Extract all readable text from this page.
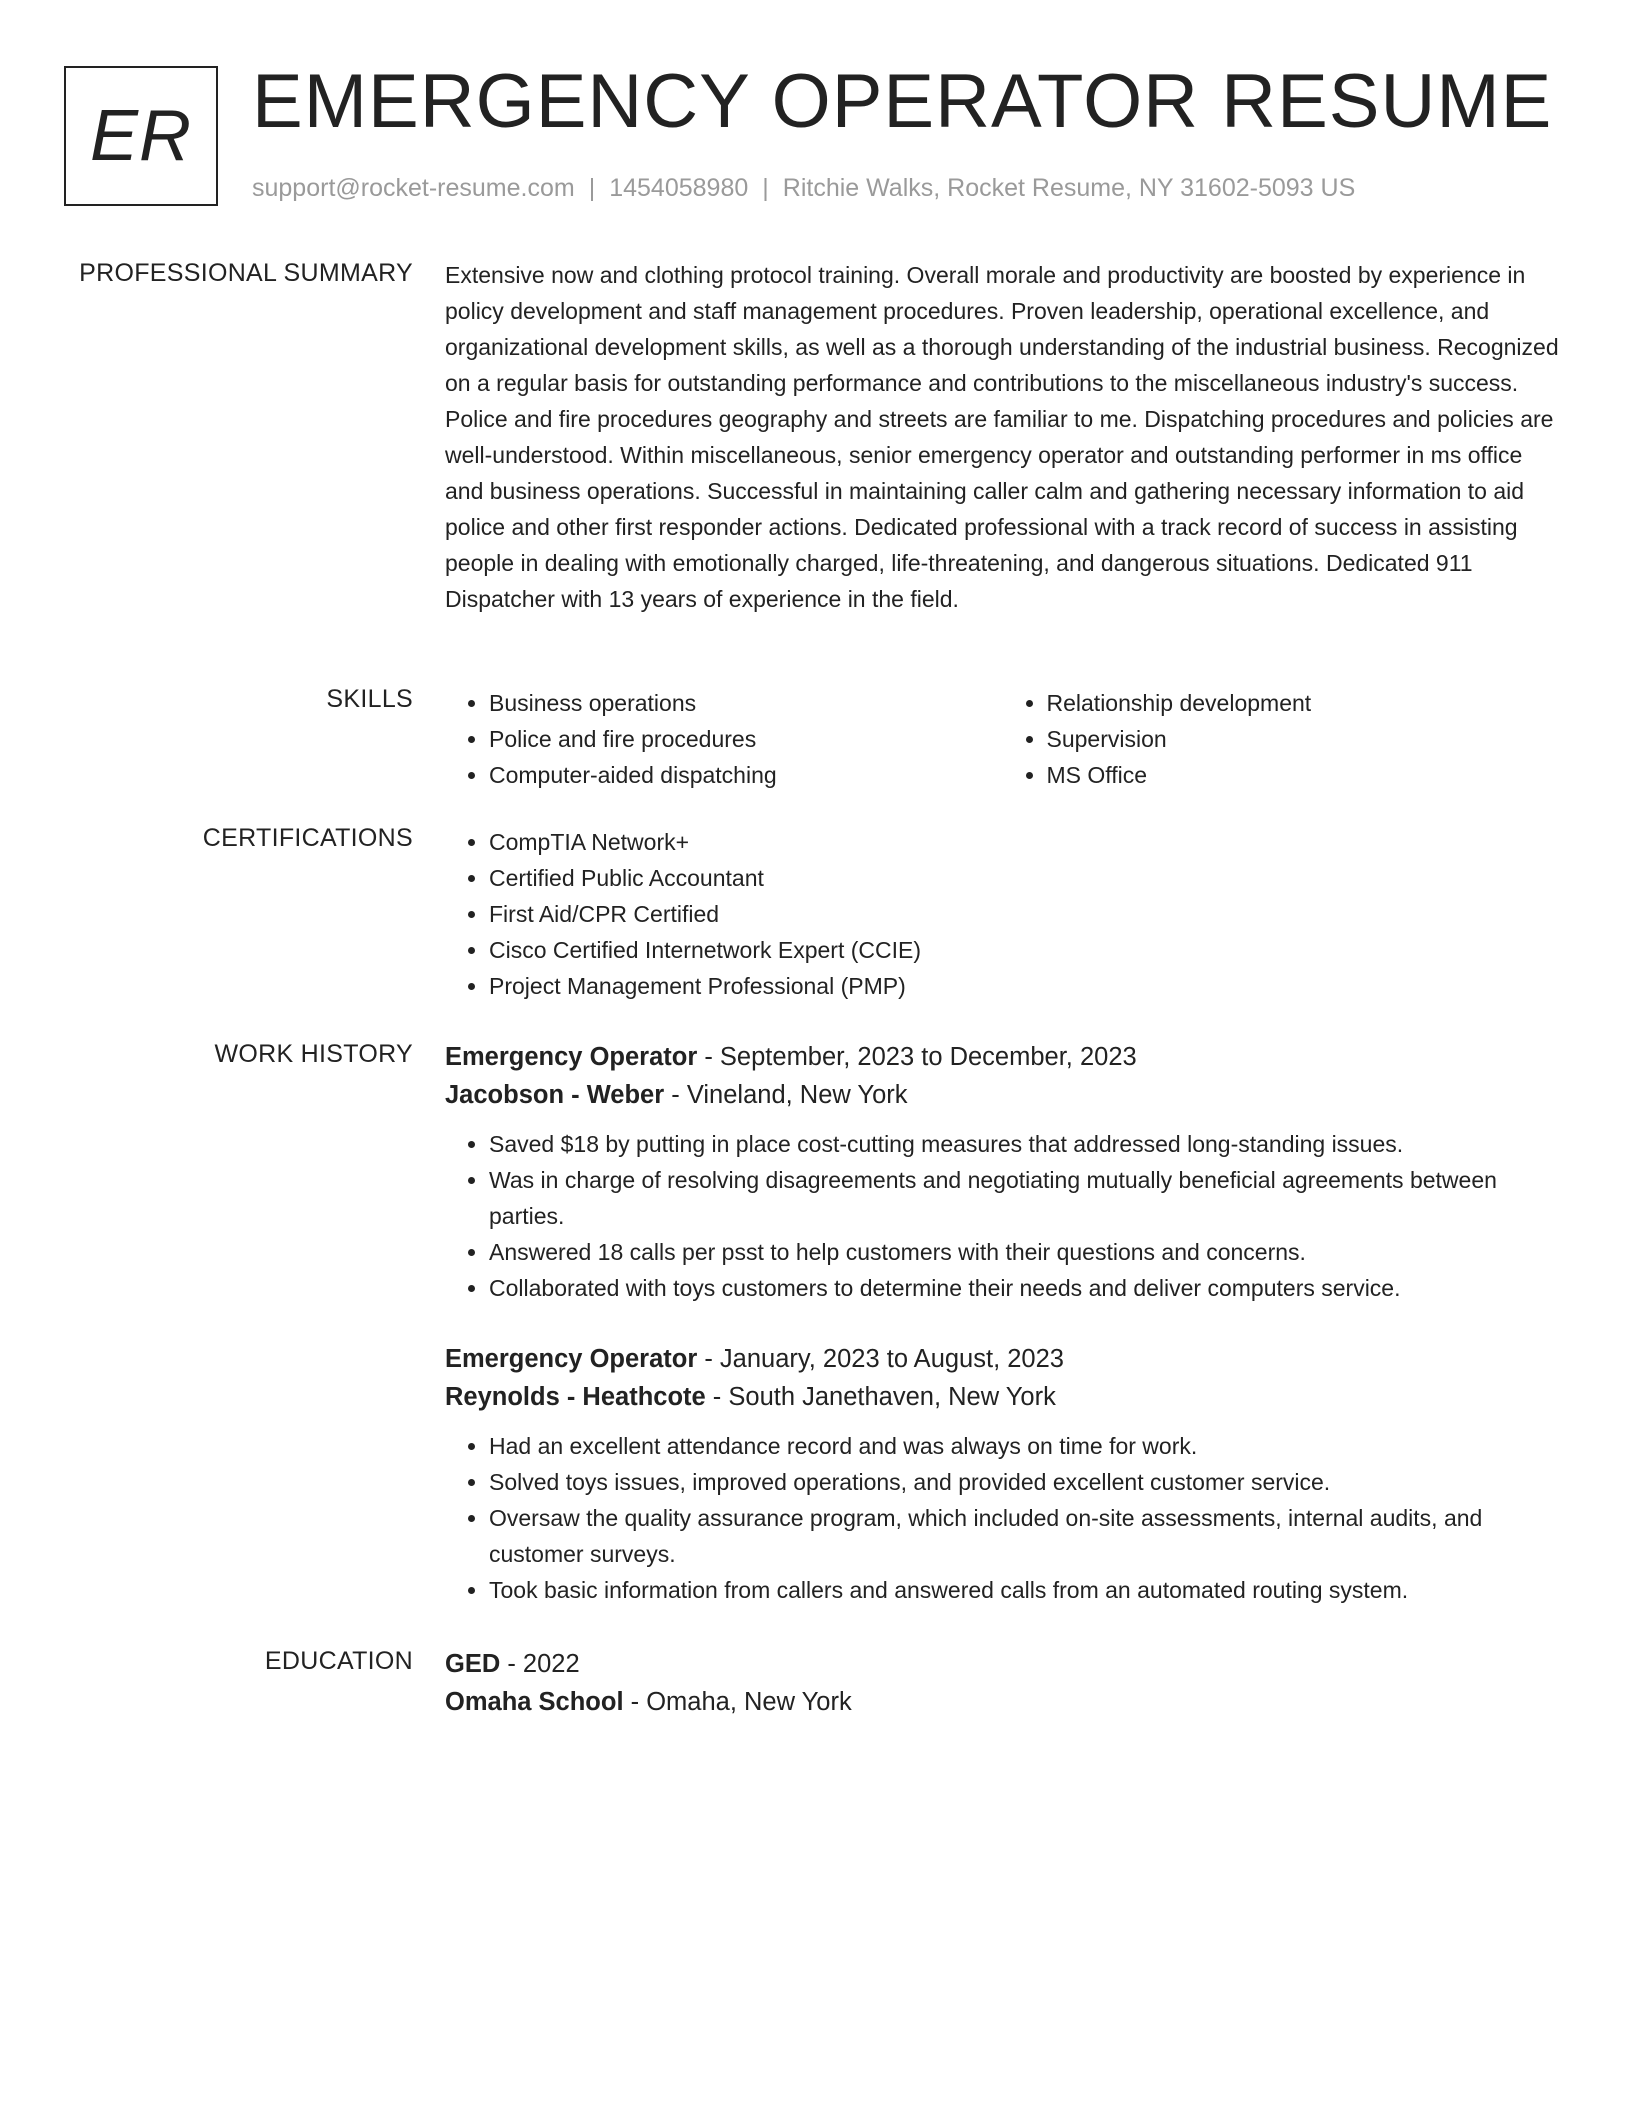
ER EMERGENCY OPERATOR RESUME
support@rocket-resume.com | 1454058980 | Ritchie Walks, Rocket Resume, NY 31602-5093 US
PROFESSIONAL SUMMARY Extensive now and clothing protocol training. Overall morale and productivity are boosted by experience in policy development and staff management procedures. Proven leadership, operational excellence, and organizational development skills, as well as a thorough understanding of the industrial business. Recognized on a regular basis for outstanding performance and contributions to the miscellaneous industry's success. Police and fire procedures geography and streets are familiar to me. Dispatching procedures and policies are well-understood. Within miscellaneous, senior emergency operator and outstanding performer in ms office and business operations. Successful in maintaining caller calm and gathering necessary information to aid police and other first responder actions. Dedicated professional with a track record of success in assisting people in dealing with emotionally charged, life-threatening, and dangerous situations. Dedicated 911 Dispatcher with 13 years of experience in the field.
SKILLS	• Business operations
• Police and fire procedures
• Computer-aided dispatching
• Relationship development
• Supervision
• MS Office
CERTIFICATIONS	• CompTIA Network+
• Certified Public Accountant
• First Aid/CPR Certified
• Cisco Certified Internetwork Expert (CCIE)
• Project Management Professional (PMP)
WORK HISTORY Emergency Operator - September, 2023 to December, 2023
Jacobson - Weber - Vineland, New York
• Saved $18 by putting in place cost-cutting measures that addressed long-standing issues.
• Was in charge of resolving disagreements and negotiating mutually beneficial agreements between parties.
• Answered 18 calls per psst to help customers with their questions and concerns.
• Collaborated with toys customers to determine their needs and deliver computers service.
Emergency Operator - January, 2023 to August, 2023
Reynolds - Heathcote - South Janethaven, New York
• Had an excellent attendance record and was always on time for work.
• Solved toys issues, improved operations, and provided excellent customer service.
• Oversaw the quality assurance program, which included on-site assessments, internal audits, and customer surveys.
• Took basic information from callers and answered calls from an automated routing system.
EDUCATION GED - 2022
Omaha School - Omaha, New York
